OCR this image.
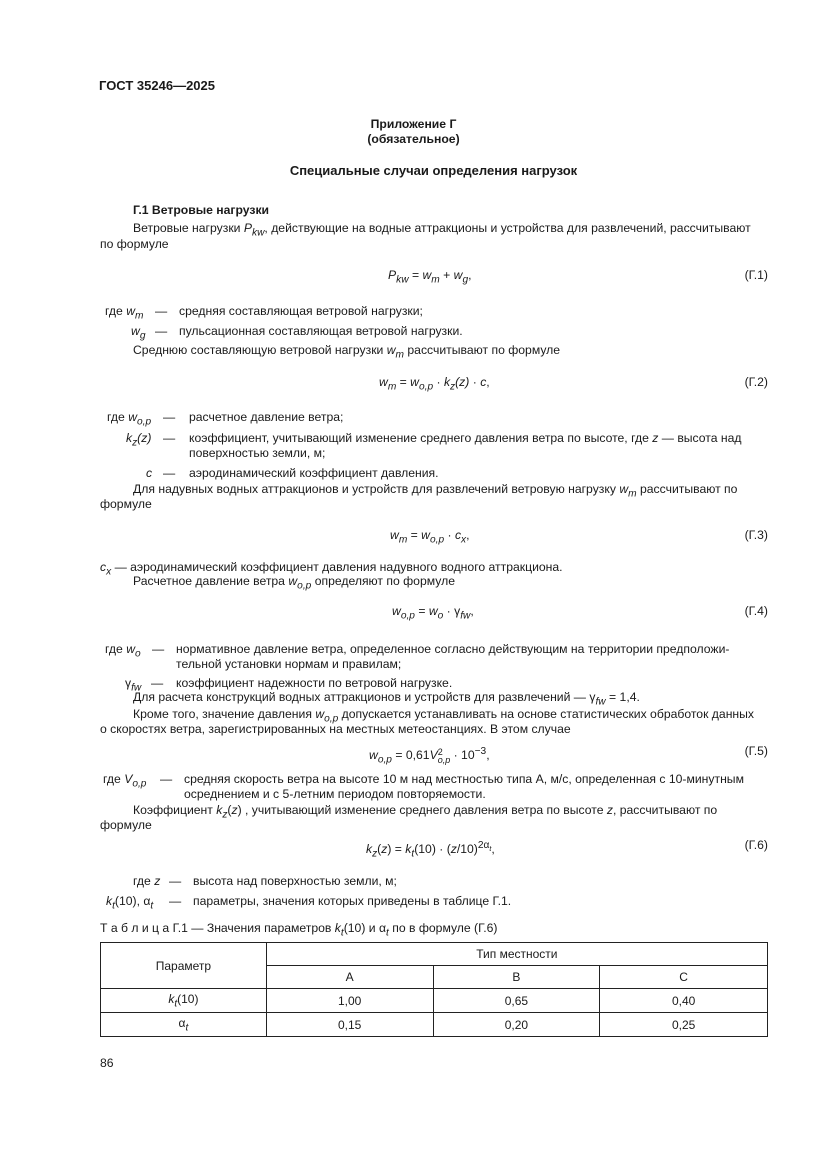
ГОСТ 35246—2025
Приложение Г
(обязательное)
Специальные случаи определения нагрузок
Г.1 Ветровые нагрузки
Ветровые нагрузки $P_{kw}$, действующие на водные аттракционы и устройства для развлечений, рассчитывают
по формуле
$P_{kw} = w_m + w_g$,	(Г.1)
где $w_m$ — средняя составляющая ветровой нагрузки;
$w_g$ — пульсационная составляющая ветровой нагрузки.
Среднюю составляющую ветровой нагрузки $w_m$ рассчитывают по формуле
$w_m = w_{o,p} \cdot k_z(z) \cdot c$,	(Г.2)
где $w_{o,p}$ — расчетное давление ветра;
$k_z(z)$ — коэффициент, учитывающий изменение среднего давления ветра по высоте, где z — высота над
поверхностью земли, м;
c — аэродинамический коэффициент давления.
Для надувных водных аттракционов и устройств для развлечений ветровую нагрузку $w_m$ рассчитывают по
формуле
$w_m = w_{o,p} \cdot c_x$,	(Г.3)
$c_x$ — аэродинамический коэффициент давления надувного водного аттракциона.
Расчетное давление ветра $w_{o,p}$ определяют по формуле
$w_{o,p} = w_o \cdot \gamma_{fw}$,	(Г.4)
где $w_o$ — нормативное давление ветра, определенное согласно действующим на территории предположи-
тельной установки нормам и правилам;
$\gamma_{fw}$ — коэффициент надежности по ветровой нагрузке.
Для расчета конструкций водных аттракционов и устройств для развлечений — $\gamma_{fw} = 1,4$.
Кроме того, значение давления $w_{o,p}$ допускается устанавливать на основе статистических обработок данных
о скоростях ветра, зарегистрированных на местных метеостанциях. В этом случае
$w_{o,p} = 0,61V$ 2
$o,p \cdot 10^{-3}$,	(Г.5)
где $V_{o,p}$ — средняя скорость ветра на высоте 10 м над местностью типа А, м/с, определенная с 10-минутным
осреднением и с 5-летним периодом повторяемости.
Коэффициент $k_z(z)$ , учитывающий изменение среднего давления ветра по высоте z, рассчитывают по
формуле
$k_z(z) = k_t(10) \cdot (z/10)^{2\alpha_t}$,	(Г.6)
где z — высота над поверхностью земли, м;
$k_t(10)$, $\alpha_t$ — параметры, значения которых приведены в таблице Г.1.
Т а б л и ц а Г.1 — Значения параметров $k_t(10)$ и $\alpha_t$ по в формуле (Г.6)
Параметр	Тип местности		
	A	B	C
$k_t(10)$	1,00	0,65	0,40
$\alpha_t$	0,15	0,20	0,25
86
